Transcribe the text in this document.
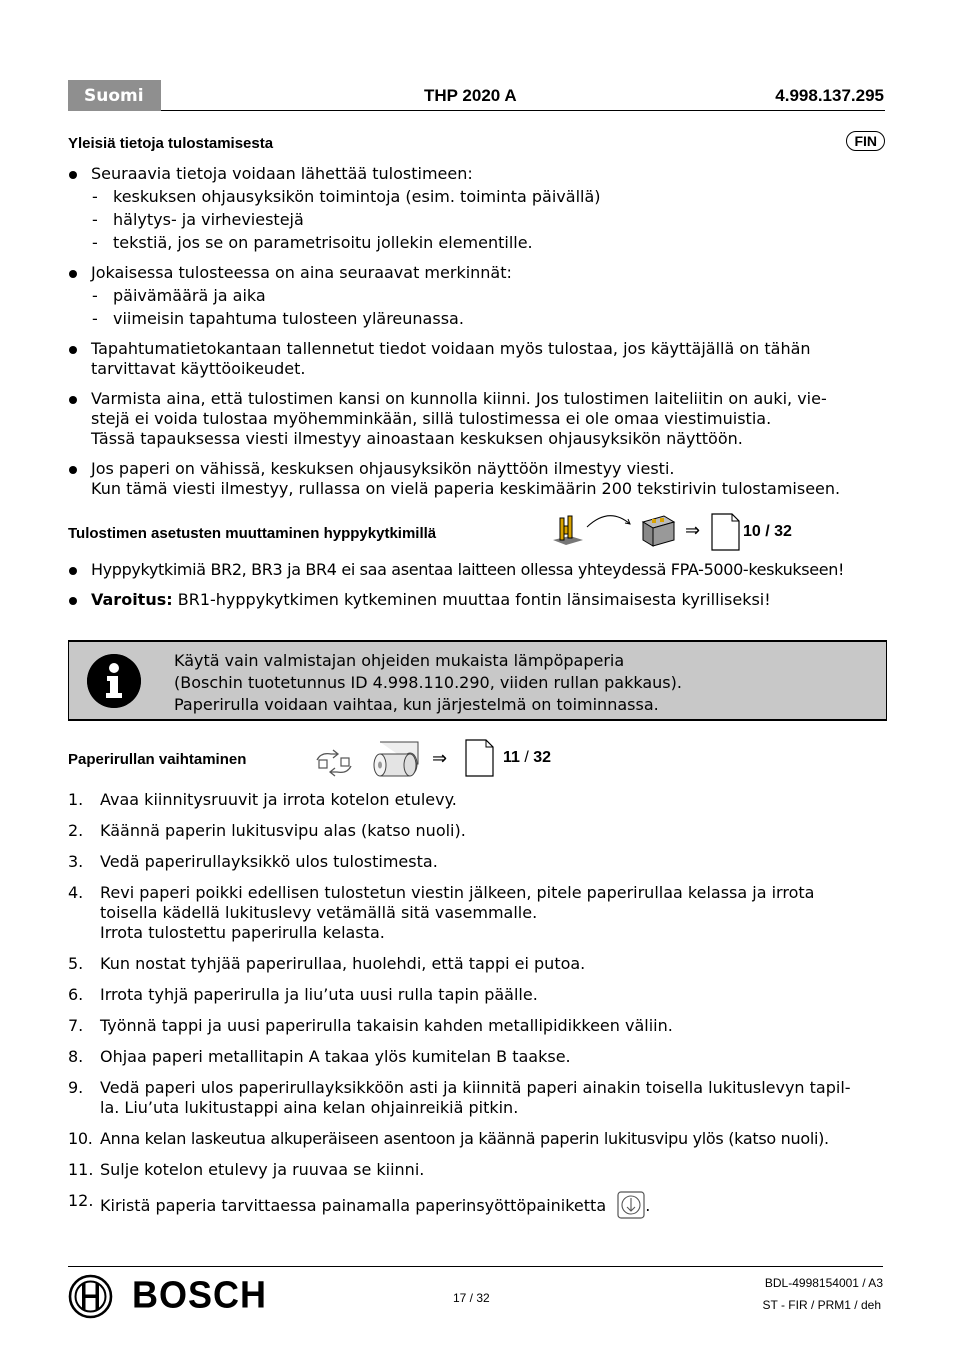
Suomi	THP 2020 A	4.998.137.295
Yleisiä tietoja tulostamisesta	FIN
Seuraavia tietoja voidaan lähettää tulostimeen:
- keskuksen ohjausyksikön toimintoja (esim. toiminta päivällä)
- hälytys- ja virheviestejä
- tekstiä, jos se on parametrisoitu jollekin elementille.
Jokaisessa tulosteessa on aina seuraavat merkinnät:
- päivämäärä ja aika
- viimeisin tapahtuma tulosteen yläreunassa.
Tapahtumatietokantaan tallennetut tiedot voidaan myös tulostaa, jos käyttäjällä on tähän tarvittavat käyttöoikeudet.
Varmista aina, että tulostimen kansi on kunnolla kiinni. Jos tulostimen laiteliitin on auki, vie-
stejä ei voida tulostaa myöhemminkään, sillä tulostimessa ei ole omaa viestimuistia.
Tässä tapauksessa viesti ilmestyy ainoastaan keskuksen ohjausyksikön näyttöön.
Jos paperi on vähissä, keskuksen ohjausyksikön näyttöön ilmestyy viesti.
Kun tämä viesti ilmestyy, rullassa on vielä paperia keskimäärin 200 tekstirivin tulostamiseen.
Tulostimen asetusten muuttaminen hyppykytkimillä	⇒	10 / 32
Hyppykytkimiä BR2, BR3 ja BR4 ei saa asentaa laitteen ollessa yhteydessä FPA-5000-keskukseen!
Varoitus: BR1-hyppykytkimen kytkeminen muuttaa fontin länsimaisesta kyrilliseksi!
Käytä vain valmistajan ohjeiden mukaista lämpöpaperia
(Boschin tuotetunnus ID 4.998.110.290, viiden rullan pakkaus).
Paperirulla voidaan vaihtaa, kun järjestelmä on toiminnassa.
Paperirullan vaihtaminen	⇒	11 / 32
1. Avaa kiinnitysruuvit ja irrota kotelon etulevy.
2. Käännä paperin lukitusvipu alas (katso nuoli).
3. Vedä paperirullayksikkö ulos tulostimesta.
4. Revi paperi poikki edellisen tulostetun viestin jälkeen, pitele paperirullaa kelassa ja irrota
toisella kädellä lukituslevy vetämällä sitä vasemmalle.
Irrota tulostettu paperirulla kelasta.
5. Kun nostat tyhjää paperirullaa, huolehdi, että tappi ei putoa.
6. Irrota tyhjä paperirulla ja liu’uta uusi rulla tapin päälle.
7. Työnnä tappi ja uusi paperirulla takaisin kahden metallipidikkeen väliin.
8. Ohjaa paperi metallitapin A takaa ylös kumitelan B taakse.
9. Vedä paperi ulos paperirullayksikköön asti ja kiinnitä paperi ainakin toisella lukituslevyn tapil-
la. Liu’uta lukitustappi aina kelan ohjainreikiä pitkin.
10. Anna kelan laskeutua alkuperäiseen asentoon ja käännä paperin lukitusvipu ylös (katso nuoli).
11. Sulje kotelon etulevy ja ruuvaa se kiinni.
12. Kiristä paperia tarvittaessa painamalla paperinsyöttöpainiketta .
BOSCH	17 / 32
BDL-4998154001 / A3
ST - FIR / PRM1 / deh
